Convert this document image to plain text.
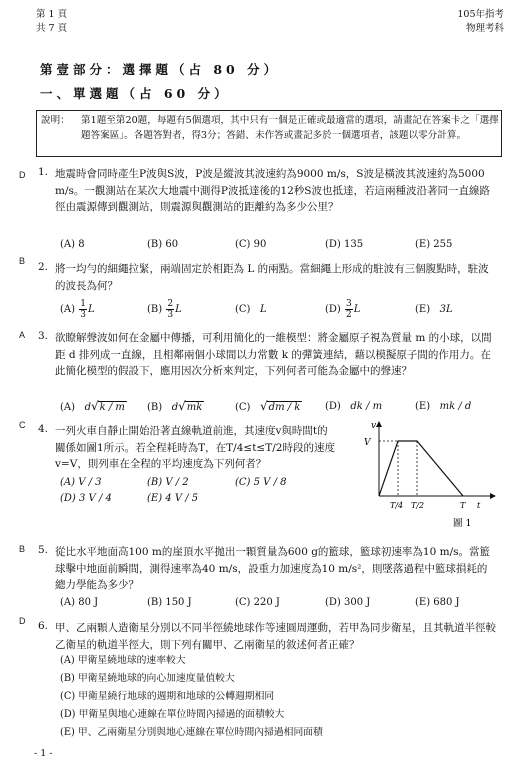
第 1 頁
共 7 頁
105年指考
物理考科
第壹部分：選擇題（占 80 分）
一、單選題（占 60 分）
說明： 第1題至第20題，每題有5個選項，其中只有一個是正確或最適當的選項，請畫記在答案卡之「選擇題答案區」。各題答對者，得3分；答錯、未作答或畫記多於一個選項者，該題以零分計算。
D 1. 地震時會同時產生P波與S波，P波是縱波其波速約為9000 m/s，S波是橫波其波速約為5000 m/s。一觀測站在某次大地震中測得P波抵達後的12秒S波也抵達，若這兩種波沿著同一直線路徑由震源傳到觀測站，則震源與觀測站的距離約為多少公里？
(A) 8	(B) 60	(C) 90	(D) 135	(E) 255
B 2. 將一均勻的細繩拉緊，兩端固定於相距為 L 的兩點。當細繩上形成的駐波有三個腹點時，駐波的波長為何？
$(A) \frac{1}{3}$ L	$(B) \frac{2}{3}$ L	(C) L	$(D) \frac{3}{2}$ L	(E) 3L
A 3. 欲瞭解聲波如何在金屬中傳播，可利用簡化的一維模型：將金屬原子視為質量 m 的小球，以間距 d 排列成一直線，且相鄰兩個小球間以力常數 k 的彈簧連結，藉以模擬原子間的作用力。在此簡化模型的假設下，應用因次分析來判定，下列何者可能為金屬中的聲速？
(A) d√k / m (B) d√mk	(C) √dm / k (D) dk / m	(E) mk / d
C 4. 一列火車自靜止開始沿著直線軌道前進，其速度v與時間t的關係如圖1所示。若全程耗時為T，在T/4≤t≤T/2時段的速度v=V，則列車在全程的平均速度為下列何者？
(A) V / 3	(B) V / 2	(C) 5 V / 8
(D) 3 V / 4	(E) 4 V / 5
v
V
T/4 T/2	T t
圖 1
B 5. 從比水平地面高100 m的崖頂水平拋出一顆質量為600 g的籃球，籃球初速率為10 m/s。當籃球擊中地面前瞬間，測得速率為40 m/s，設重力加速度為10 m/s²，則墜落過程中籃球損耗的總力學能為多少？
(A) 80 J	(B) 150 J	(C) 220 J	(D) 300 J	(E) 680 J
D 6. 甲、乙兩顆人造衛星分別以不同半徑繞地球作等速圓周運動，若甲為同步衛星，且其軌道半徑較乙衛星的軌道半徑大，則下列有關甲、乙兩衛星的敘述何者正確？
(A) 甲衛星繞地球的速率較大
(B) 甲衛星繞地球的向心加速度量值較大
(C) 甲衛星繞行地球的週期和地球的公轉週期相同
(D) 甲衛星與地心連線在單位時間內掃過的面積較大
(E) 甲、乙兩衛星分別與地心連線在單位時間內掃過相同面積
- 1 -
